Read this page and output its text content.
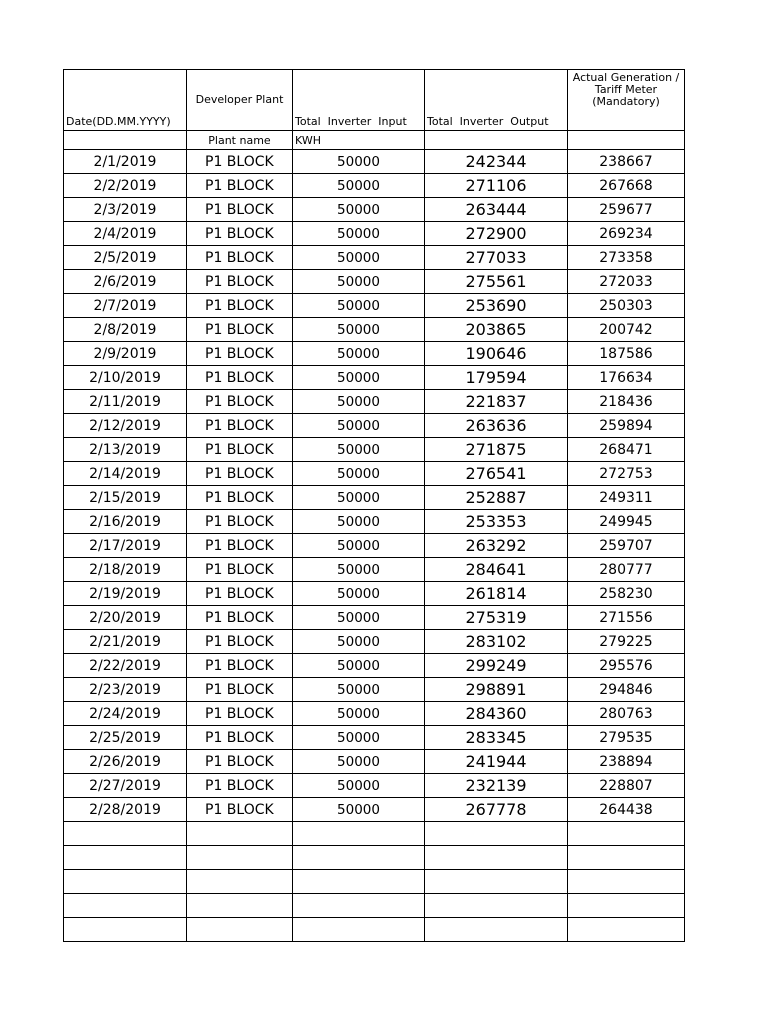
Date(DD.MM.YYYY)	Developer Plant	Total  Inverter  Input	Total  Inverter  Output	Actual Generation /
Tariff Meter
(Mandatory)
	Plant name	KWH		
2/1/2019	P1 BLOCK	50000	242344	238667
2/2/2019	P1 BLOCK	50000	271106	267668
2/3/2019	P1 BLOCK	50000	263444	259677
2/4/2019	P1 BLOCK	50000	272900	269234
2/5/2019	P1 BLOCK	50000	277033	273358
2/6/2019	P1 BLOCK	50000	275561	272033
2/7/2019	P1 BLOCK	50000	253690	250303
2/8/2019	P1 BLOCK	50000	203865	200742
2/9/2019	P1 BLOCK	50000	190646	187586
2/10/2019	P1 BLOCK	50000	179594	176634
2/11/2019	P1 BLOCK	50000	221837	218436
2/12/2019	P1 BLOCK	50000	263636	259894
2/13/2019	P1 BLOCK	50000	271875	268471
2/14/2019	P1 BLOCK	50000	276541	272753
2/15/2019	P1 BLOCK	50000	252887	249311
2/16/2019	P1 BLOCK	50000	253353	249945
2/17/2019	P1 BLOCK	50000	263292	259707
2/18/2019	P1 BLOCK	50000	284641	280777
2/19/2019	P1 BLOCK	50000	261814	258230
2/20/2019	P1 BLOCK	50000	275319	271556
2/21/2019	P1 BLOCK	50000	283102	279225
2/22/2019	P1 BLOCK	50000	299249	295576
2/23/2019	P1 BLOCK	50000	298891	294846
2/24/2019	P1 BLOCK	50000	284360	280763
2/25/2019	P1 BLOCK	50000	283345	279535
2/26/2019	P1 BLOCK	50000	241944	238894
2/27/2019	P1 BLOCK	50000	232139	228807
2/28/2019	P1 BLOCK	50000	267778	264438
